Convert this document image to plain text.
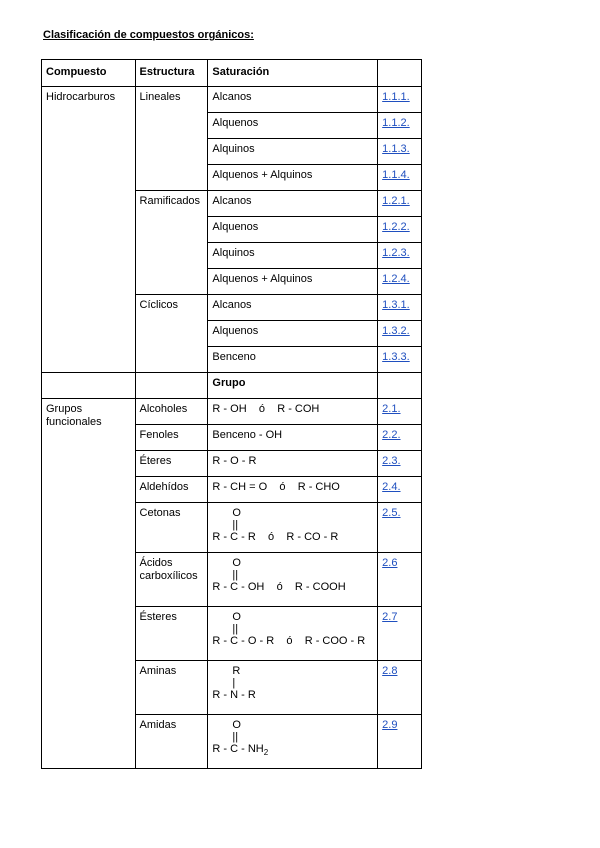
Clasificación de compuestos orgánicos:
Compuesto	Estructura	Saturación	
Hidrocarburos	Lineales	Alcanos	1.1.1.
		Alquenos	1.1.2.
		Alquinos	1.1.3.
		Alquenos + Alquinos	1.1.4.
	Ramificados	Alcanos	1.2.1.
		Alquenos	1.2.2.
		Alquinos	1.2.3.
		Alquenos + Alquinos	1.2.4.
	Cíclicos	Alcanos	1.3.1.
		Alquenos	1.3.2.
		Benceno	1.3.3.
		Grupo	
Grupos funcionales	Alcoholes	R - OH    ó    R - COH	2.1.
	Fenoles	Benceno - OH	2.2.
	Éteres	R - O - R	2.3.
	Aldehídos	R - CH = O    ó    R - CHO	2.4.
	Cetonas	O
||
R - C - R    ó    R - CO - R	2.5.
	Ácidos carboxílicos	O
||
R - C - OH    ó    R - COOH	2.6
	Ésteres	O
||
R - C - O - R    ó    R - COO - R	2.7
	Aminas	R
|
R - N - R	2.8
	Amidas	O
||
R - C - $NH_2$	2.9
